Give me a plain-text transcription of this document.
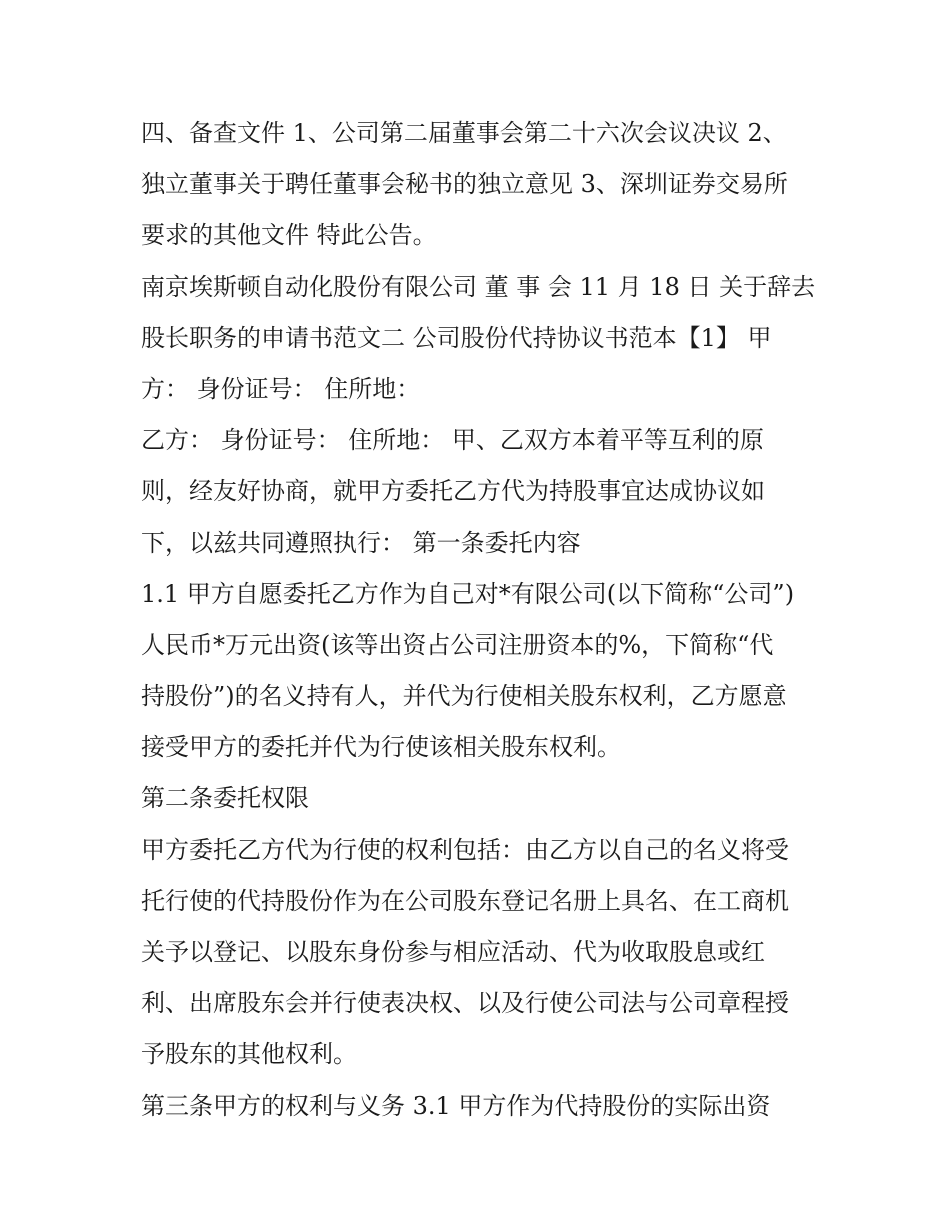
四、备查文件 1、公司第二届董事会第二十六次会议决议 2、
独立董事关于聘任董事会秘书的独立意见 3、深圳证券交易所
要求的其他文件 特此公告。

南京埃斯顿自动化股份有限公司 董 事 会 11 月 18 日 关于辞去
股长职务的申请书范文二 公司股份代持协议书范本【1】 甲
方： 身份证号： 住所地：

乙方： 身份证号： 住所地： 甲、乙双方本着平等互利的原
则，经友好协商，就甲方委托乙方代为持股事宜达成协议如
下，以兹共同遵照执行： 第一条委托内容

1.1 甲方自愿委托乙方作为自己对*有限公司(以下简称“公司”)
人民币*万元出资(该等出资占公司注册资本的%，下简称“代
持股份”)的名义持有人，并代为行使相关股东权利，乙方愿意
接受甲方的委托并代为行使该相关股东权利。

第二条委托权限

甲方委托乙方代为行使的权利包括：由乙方以自己的名义将受
托行使的代持股份作为在公司股东登记名册上具名、在工商机
关予以登记、以股东身份参与相应活动、代为收取股息或红
利、出席股东会并行使表决权、以及行使公司法与公司章程授
予股东的其他权利。

第三条甲方的权利与义务 3.1 甲方作为代持股份的实际出资
